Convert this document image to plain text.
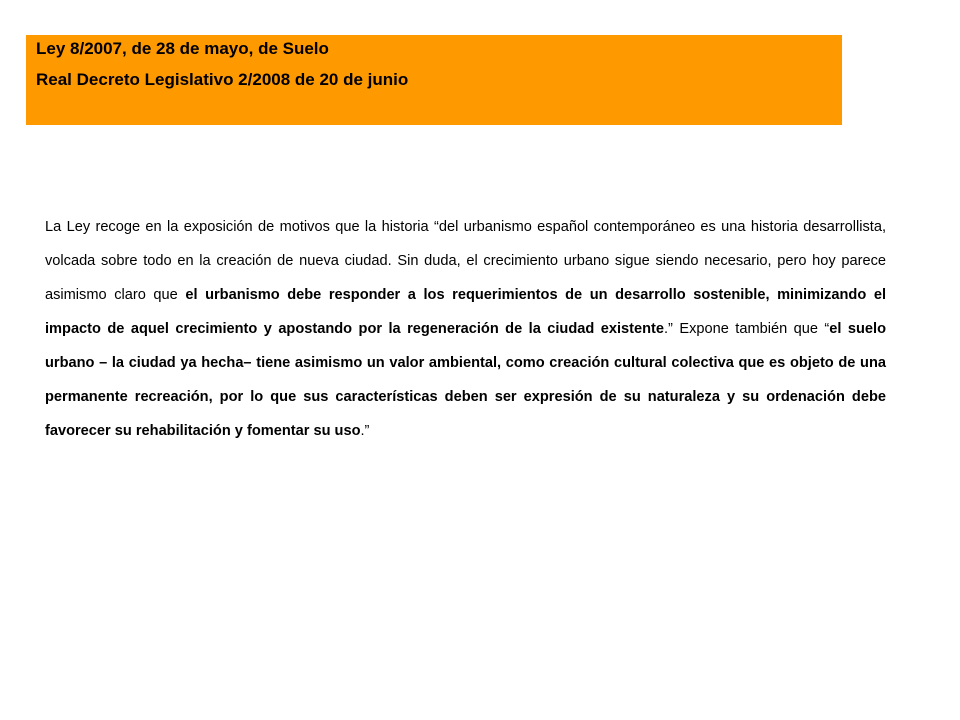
Ley 8/2007, de 28 de mayo, de Suelo

Real Decreto Legislativo 2/2008 de 20 de junio

La Ley recoge en la exposición de motivos que la historia “del urbanismo español contemporáneo es una historia desarrollista, volcada sobre todo en la creación de nueva ciudad. Sin duda, el crecimiento urbano sigue siendo necesario, pero hoy parece asimismo claro que el urbanismo debe responder a los requerimientos de un desarrollo sostenible, minimizando el impacto de aquel crecimiento y apostando por la regeneración de la ciudad existente.” Expone también que “el suelo urbano – la ciudad ya hecha– tiene asimismo un valor ambiental, como creación cultural colectiva que es objeto de una permanente recreación, por lo que sus características deben ser expresión de su naturaleza y su ordenación debe favorecer su rehabilitación y fomentar su uso.”
